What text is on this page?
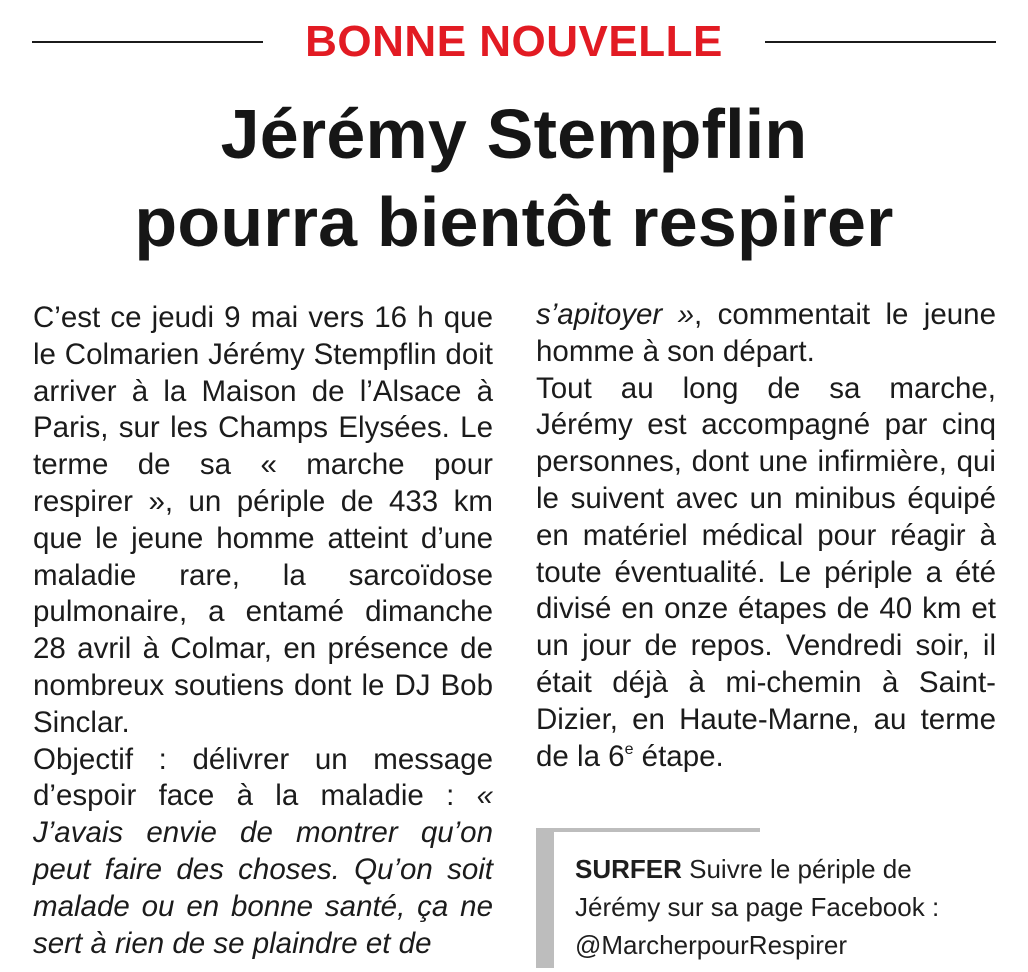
BONNE NOUVELLE
Jérémy Stempflin
pourra bientôt respirer

C’est ce jeudi 9 mai vers 16 h que le Colmarien Jérémy Stempflin doit arriver à la Maison de l’Alsace à Paris, sur les Champs Elysées. Le terme de sa « marche pour respirer », un périple de 433 km que le jeune homme atteint d’une maladie rare, la sarcoïdose pulmonaire, a entamé dimanche 28 avril à Colmar, en présence de nombreux soutiens dont le DJ Bob Sinclar.

Objectif : délivrer un message d’espoir face à la maladie : « J’avais envie de montrer qu’on peut faire des choses. Qu’on soit malade ou en bonne santé, ça ne sert à rien de se plaindre et de

s’apitoyer », commentait le jeune homme à son départ.

Tout au long de sa marche, Jérémy est accompagné par cinq personnes, dont une infirmière, qui le suivent avec un minibus équipé en matériel médical pour réagir à toute éventualité. Le périple a été divisé en onze étapes de 40 km et un jour de repos. Vendredi soir, il était déjà à mi-chemin à Saint-Dizier, en Haute-Marne, au terme de la 6e étape.

SURFER Suivre le périple de Jérémy sur sa page Facebook : @MarcherpourRespirer
